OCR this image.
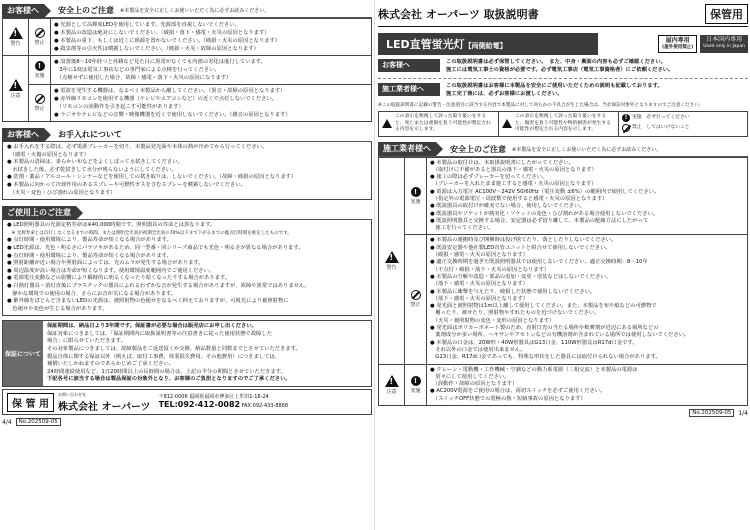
お客様へ	安全上のご注意 ※本製品を安全に正しくお使いいただく為に必ずお読みください。
!
警告	禁止
● 光源として高輝度LEDを使用しています。光源部を直視しないでください。
● 本製品の改造は絶対にしないでください。（破損・落下・感電・火災の原因となります）
● 本製品の重下、もしくは近くに熱源を置かないでください。（破損・火災の原因となります）
● 殺虫剤等の引火性は噴霧しないでください。（破損・火災・故障の原因となります）
!
注意
!
実施
● 設置後8〜10年経つと外観など見た目に異常がなくても内部の劣化は進行しています。
　3年に1度は電気工事店などの専門家による点検を行ってください。
　（点検せずに使用した場合、故障・感電・落下・火災の原因になります）
禁止
● 電波を発生する機器は、なるべく本製品から離してください。（異音・故障の原因となります）
● 赤外線リモコンを使用する機器（テレビやエアコンなど）の近くで点灯しないでください。
　（リモコンの誤動作を引き起こす可能性があります）
● ラジオやテレビなどの音響・映像機器を近くで使用しないでください。（雑音の原因となります）
お客様へ	お手入れについて
● お手入れをする際は、必ず電源ブレーカーを切り、本製品発光面や本体の熱が冷めてから行ってください。
　（感電・火傷の原因となります）
● 本製品の清掃は、柔らかい布などをよくしぼって水拭きしてください。
　水拭きした後、必ず乾拭きして水分が残らないようにしてください。
● 洗剤・薬品・アルコール・シンナーなどを使用しての拭き取りは、しないでください。（故障・破損の原因となります）
● 本製品に向かって冷却作用のあるスプレーや可燃性ガスを含むスプレーを噴霧しないでください。
　（火災・変色・ひび割れの原因となります）
ご使用上のご注意
● LED照明器具の光源定格寿命は※40,000時間です。照明器具の寿命とは異なります。
　※ 光源寿命とは点灯しなくなるまでの時間、または照明全光束が初期全光束の70%以下まで下がるまでの総点灯時間を推定したものです。
● 点灯時間・使用環境により、製品寿命が短くなる場合があります。
● LED光源は、光色・明るさにバラツキがあるため、同一型番・同シリーズ商品でも光色・明るさが異なる場合があります。
● 点灯時間・使用環境により、製品寿命が短くなる場合があります。
● 照射距離が近い場合や照射面によっては、光のムラが発生する場合があります。
● 周辺温度が高い場合は寿命が短くなります。使用環境温度範囲内でご使用ください。
● 電源電圧変動などの影響により瞬時的に明るくなったり暗くなったりする場合があります。
● 白熱灯器具・消灯直後にプラスチックの器具によれるわずかな音が発生する場合がありますが、故障や異常ではありません。
　静かな環境での使用の場合、さらにお音が気になる場合があります。
● 紫外線をほとんど含まないLEDの光源は、被照射物の色褪せをなるべく抑えておりますが、可視光により被照射物に
　色褪せや変色が生じる場合があります。
保証について
保証期間は、納品日より3年間です。保証書が必要な場合は販売店にお申し出ください。
保証対象につきましては、「保証期間内に取扱説明書等の注意書きに従った使用状態で故障した
場合」に限らせていただきます。
その対象製品につきましては、故障製品をご返送頂くか交換、納品数量と同数までとさせていただきます。
製品自体に関する保証以外（例えば、取付工事費、休業損失費用、その他費用）につきましては、
補償いたしかねますのであらかじめご了承ください。
24時間連続使用など、1日20時間以上の長時間の場合は、上記の半分の期間とさせていただきます。
下記各号に該当する場合は製品保証の対象外となり、お客様のご負担となりますのでご了承ください。
保 管 用
お問い合わせ先
株式会社 オーパーツ
〒812-0006 福岡県福岡市博多区上牟田1-18-24
TEL:092-412-0082 FAX:092-433-8868
4/4	No.202509-05
株式会社 オーパーツ 取扱説明書	保管用
LED直管蛍光灯【両側給電】
屋内専用
(屋外使用禁止)
日本国内専用
Used only in Japan
お客様へ	この取扱説明書は必ず保管してください。　また、中身・裏面の内容も必ずご確認ください。
施工には電気工事士の資格が必要です。必ず電気工事店（電気工事資格者）にご依頼ください。
施工業者様へ	この取扱説明書はお客様に本製品を安全にご使用いただくための説明も記載しております。
施工完了後には、必ずお客様にお渡しください。
※この取扱説明書に記載の警告・注意項目に該当する内容で本製品に対して何らかの不具合が生じた場合は、当社保証対象外となりますのでご注意ください。
この表示を無視して誤った取り扱いをすると、死亡または重傷を負う可能性が想定される内容を示します。
この表示を無視して誤った取り扱いをすると、傷害を負う可能性や物的損害が発生する可能性が想定される内容を示します。
! 実施　必ず行ってください
禁止　してはいけないこと
施工業者様へ	安全上のご注意 ※本製品を安全に正しくお使いいただく為に必ずお読みください。
!
警告
!
実施
● 本製品の取付けは、本取扱説明書にしたがってください。
　（取付けに不備があると器具の落下・感電・火災の原因となります）
● 施工の際は必ずブレーカーを切ってください。
　（ブレーカーを入れたまま施工すると感電・火災の原因となります）
● 電源は入力電圧 AC100V〜242V 50/60Hz（電圧変動 ±6%）の範囲内で使用してください。
　（指定外の電源電圧・周波数で使用すると感電・火災の原因となります）
● 既設器具の取付けが確実でない場合、使用しないでください。
● 既設器具やソケットが熱劣化・ソケットの変色・ひび割れがある場合使用しないでください。
● 既設照明器具と交換する場合、安定器は必ず切り離して、本製品の配線方法にしたがって
　施工を行ってください。
禁止
● 本製品の運搬時及び開梱時は投げ捨てたり、落としたりしないでください。
● 既設安定器や他社製LED直管ユニットと組合せて使用しないでください。
　（破損・感電・火災の原因となります）
● 適正交換時期を過ぎた既設照明器具では使用しないでください。適正交換時期：8〜10年
　（不点灯・破損・落下・火災の原因となります）
● 本製品の分解や改造・部品の追加・変更・塗装などはしないでください。
　（落下・感電・火災の原因となります）
● 本製品に衝撃を与えたり、破損した状態で使用しないでください。
　（落下・感電・火災の原因となります）
● 発光面と被照射物は1m以上離して使用してください。また、本製品を布や紙などの可燃物で
　覆ったり、被せたり、照射物やすれたものを近づけないでください。
　（火災・被照射物の変色・変形の原因となります）
● 発光面はポリカーボネート製のため、直射日光の当たる場所や軟膏剤が近辺にある場所などの
　薬剤成分が多い場所、ヘキサンやアセトンなどの有機溶剤が含まれている場所では使用しないでください。
● 本製品の口金は、20W形・40W形器具はG13口金、110W形器具はR17d口金です。
　それ以外の口金では使用出来ません。
　G13口金、R17d口金であっても、特殊な形状をした器具には取付けられない場合があります。
!
注意
!
実施
● クレーン・電動機・工作機械・空調などの動力系電源（三相交流）と本製品の電源は
　別々にして使用してください。
　（誤動作・故障の原因となります）
● AC200V電源をご使用の場合は、両切スイッチを必ずご使用ください。
　（スイッチOFF状態での電極の熱・短絡事故の原因となります）
No.202509-05	1/4
